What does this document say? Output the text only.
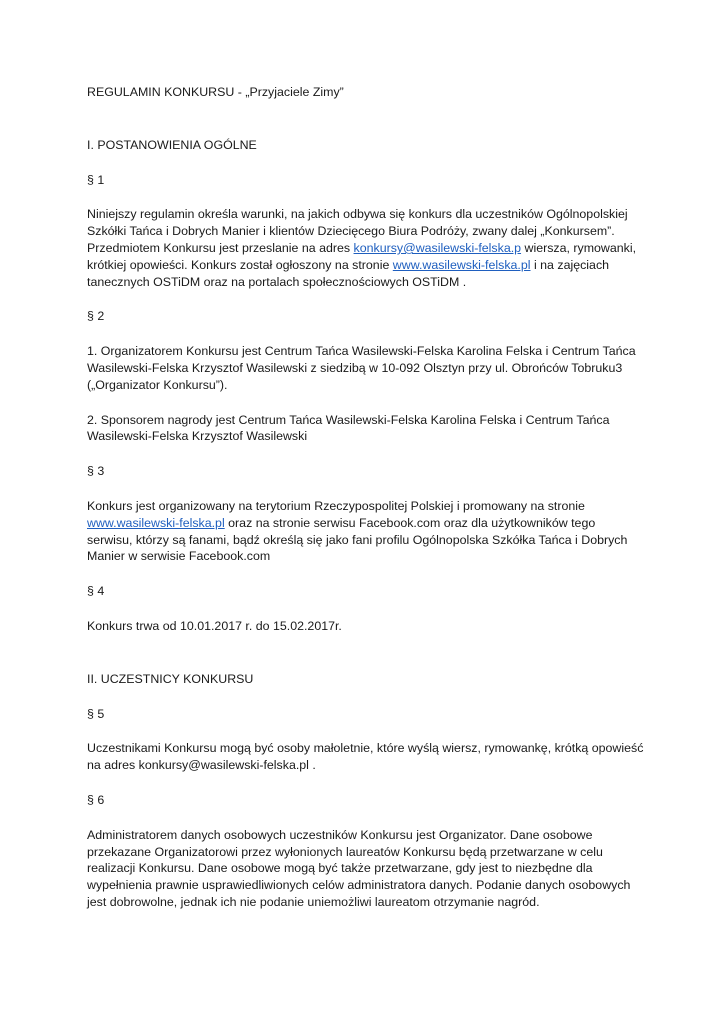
REGULAMIN KONKURSU - „Przyjaciele Zimy”
I. POSTANOWIENIA OGÓLNE
§ 1
Niniejszy regulamin określa warunki, na jakich odbywa się konkurs dla uczestników Ogólnopolskiej
Szkółki Tańca i Dobrych Manier i klientów Dziecięcego Biura Podróży, zwany dalej „Konkursem”.
Przedmiotem Konkursu jest przeslanie na adres konkursy@wasilewski-felska.p wiersza, rymowanki,
krótkiej opowieści. Konkurs został ogłoszony na stronie www.wasilewski-felska.pl i na zajęciach
tanecznych OSTiDM oraz na portalach społecznościowych OSTiDM .
§ 2
1. Organizatorem Konkursu jest Centrum Tańca Wasilewski-Felska Karolina Felska i Centrum Tańca
Wasilewski-Felska Krzysztof Wasilewski z siedzibą w 10-092 Olsztyn przy ul. Obrońców Tobruku3
(„Organizator Konkursu”).
2. Sponsorem nagrody jest Centrum Tańca Wasilewski-Felska Karolina Felska i Centrum Tańca
Wasilewski-Felska Krzysztof Wasilewski
§ 3
Konkurs jest organizowany na terytorium Rzeczypospolitej Polskiej i promowany na stronie
www.wasilewski-felska.pl oraz na stronie serwisu Facebook.com oraz dla użytkowników tego
serwisu, którzy są fanami, bądź określą się jako fani profilu Ogólnopolska Szkółka Tańca i Dobrych
Manier w serwisie Facebook.com
§ 4
Konkurs trwa od 10.01.2017 r. do 15.02.2017r.
II. UCZESTNICY KONKURSU
§ 5
Uczestnikami Konkursu mogą być osoby małoletnie, które wyślą wiersz, rymowankę, krótką opowieść
na adres konkursy@wasilewski-felska.pl .
§ 6
Administratorem danych osobowych uczestników Konkursu jest Organizator. Dane osobowe
przekazane Organizatorowi przez wyłonionych laureatów Konkursu będą przetwarzane w celu
realizacji Konkursu. Dane osobowe mogą być także przetwarzane, gdy jest to niezbędne dla
wypełnienia prawnie usprawiedliwionych celów administratora danych. Podanie danych osobowych
jest dobrowolne, jednak ich nie podanie uniemożliwi laureatom otrzymanie nagród.
